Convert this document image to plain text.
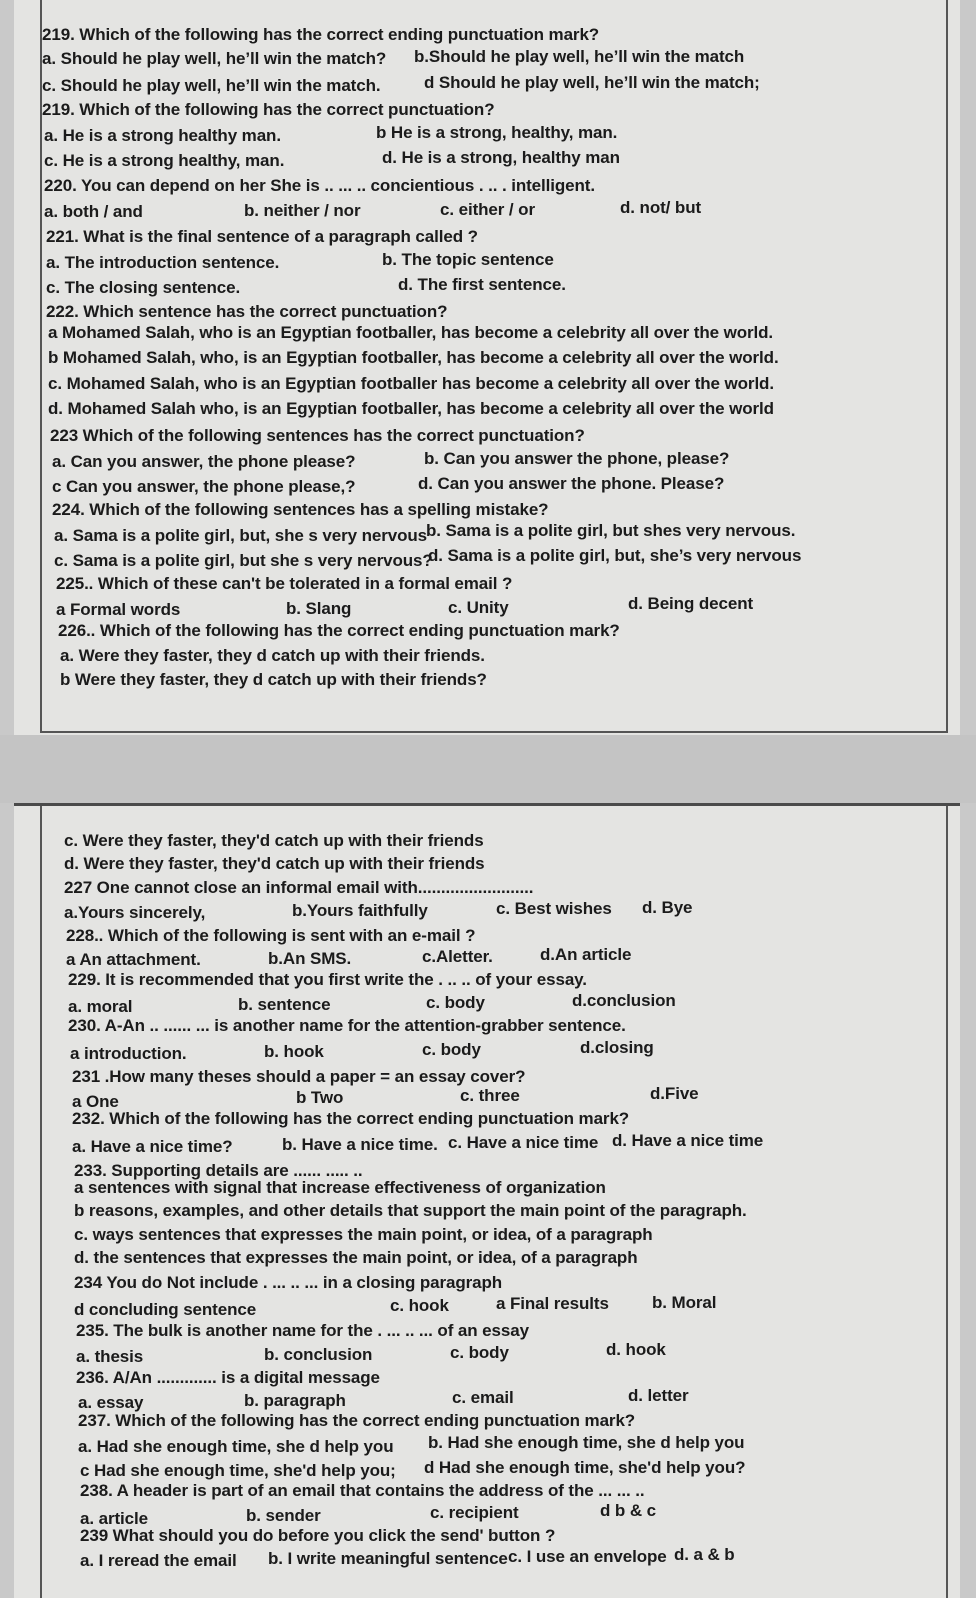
219. Which of the following has the correct ending punctuation mark?
a. Should he play well, he’ll win the match? b.Should he play well, he’ll win the match
c. Should he play well, he’ll win the match.	d Should he play well, he’ll win the match;
219. Which of the following has the correct punctuation?
a. He is a strong healthy man.	b He is a strong, healthy, man.
c. He is a strong healthy, man.	d. He is a strong, healthy man
220. You can depend on her She is .. ... .. concientious . .. . intelligent.
a. both / and	b. neither / nor	c. either / or	d. not/ but
221. What is the final sentence of a paragraph called ?
a. The introduction sentence.	b. The topic sentence
c. The closing sentence.	d. The first sentence.
222. Which sentence has the correct punctuation?
a Mohamed Salah, who is an Egyptian footballer, has become a celebrity all over the world.
b Mohamed Salah, who, is an Egyptian footballer, has become a celebrity all over the world.
c. Mohamed Salah, who is an Egyptian footballer has become a celebrity all over the world.
d. Mohamed Salah who, is an Egyptian footballer, has become a celebrity all over the world
223 Which of the following sentences has the correct punctuation?
a. Can you answer, the phone please?	b. Can you answer the phone, please?
c Can you answer, the phone please,?	d. Can you answer the phone. Please?
224. Which of the following sentences has a spelling mistake?
a. Sama is a polite girl, but, she s very nervous
b. Sama is a polite girl, but shes very nervous.
c. Sama is a polite girl, but she s very nervous?
d. Sama is a polite girl, but, she’s very nervous
225.. Which of these can't be tolerated in a formal email ?
a Formal words	b. Slang	c. Unity	d. Being decent
226.. Which of the following has the correct ending punctuation mark?
a. Were they faster, they d catch up with their friends.
b Were they faster, they d catch up with their friends?
c. Were they faster, they'd catch up with their friends
d. Were they faster, they'd catch up with their friends
227 One cannot close an informal email with.........................
a.Yours sincerely,	b.Yours faithfully	c. Best wishes d. Bye
228.. Which of the following is sent with an e-mail ?
a An attachment.	b.An SMS.	c.Aletter.	d.An article
229. It is recommended that you first write the . .. .. of your essay.
a. moral	b. sentence	c. body	d.conclusion
230. A-An .. ...... ... is another name for the attention-grabber sentence.
a introduction.	b. hook	c. body	d.closing
231 .How many theses should a paper = an essay cover?
a One	b Two	c. three	d.Five
232. Which of the following has the correct ending punctuation mark?
a. Have a nice time?	b. Have a nice time. c. Have a nice time d. Have a nice time
233. Supporting details are ...... ..... ..
a sentences with signal that increase effectiveness of organization
b reasons, examples, and other details that support the main point of the paragraph.
c. ways sentences that expresses the main point, or idea, of a paragraph
d. the sentences that expresses the main point, or idea, of a paragraph
234 You do Not include . ... .. ... in a closing paragraph
d concluding sentence	c. hook	a Final results	b. Moral
235. The bulk is another name for the . ... .. ... of an essay
a. thesis	b. conclusion	c. body	d. hook
236. A/An ............. is a digital message
a. essay	b. paragraph	c. email	d. letter
237. Which of the following has the correct ending punctuation mark?
a. Had she enough time, she d help you b. Had she enough time, she d help you
c Had she enough time, she'd help you; d Had she enough time, she'd help you?
238. A header is part of an email that contains the address of the ... ... ..
a. article	b. sender	c. recipient	d b & c
239 What should you do before you click the send' button ?
a. I reread the email b. I write meaningful sentence c. I use an envelope d. a & b
